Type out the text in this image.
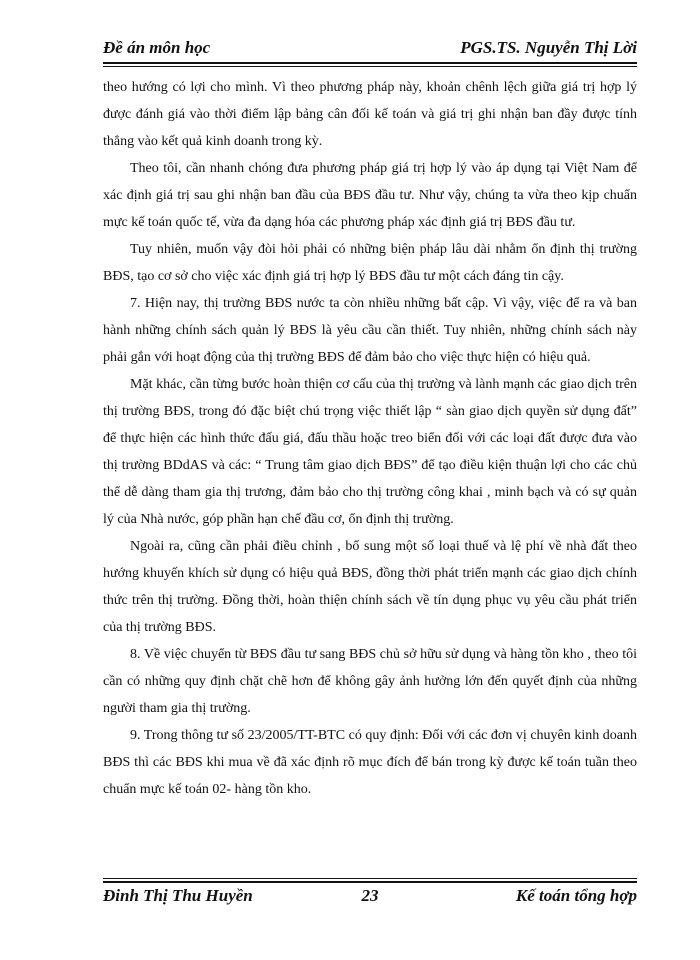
Đề án môn học	PGS.TS. Nguyễn Thị Lời

theo hướng có lợi cho mình. Vì theo phương pháp này, khoản chênh lệch giữa giá trị hợp lý được đánh giá vào thời điểm lập bảng cân đối kế toán và giá trị ghi nhận ban đầy được tính thẳng vào kết quả kinh doanh trong kỳ.

Theo tôi, cần nhanh chóng đưa phương pháp giá trị hợp lý vào áp dụng tại Việt Nam để xác định giá trị sau ghi nhận ban đầu của BĐS đầu tư. Như vậy, chúng ta vừa theo kịp chuẩn mực kế toán quốc tế, vừa đa dạng hóa các phương pháp xác định giá trị BĐS đầu tư.

Tuy nhiên, muốn vậy đòi hỏi phải có những biện pháp lâu dài nhằm ổn định thị trường BĐS, tạo cơ sở cho việc xác định giá trị hợp lý BĐS đầu tư một cách đáng tin cậy.

7. Hiện nay, thị trường BĐS nước ta còn nhiều những bất cập. Vì vậy, việc để ra và ban hành những chính sách quản lý BĐS là yêu cầu cần thiết. Tuy nhiên, những chính sách này phải gắn với hoạt động của thị trường BĐS để đảm bảo cho việc thực hiện có hiệu quả.

Mặt khác, cần từng bước hoàn thiện cơ cấu của thị trường và lành mạnh các giao dịch trên thị trường BĐS, trong đó đặc biệt chú trọng việc thiết lập “ sàn giao dịch quyền sử dụng đất” để thực hiện các hình thức đấu giá, đấu thầu hoặc treo biển đối với các loại đất được đưa vào thị trường BDdAS và các: “ Trung tâm giao dịch BĐS” để tạo điều kiện thuận lợi cho các chủ thể dễ dàng tham gia thị trương, đảm bảo cho thị trường công khai , minh bạch và có sự quản lý của Nhà nước, góp phần hạn chế đầu cơ, ổn định thị trường.

Ngoài ra, cũng cần phải điều chỉnh , bổ sung một số loại thuế và lệ phí về nhà đất theo hướng khuyến khích sử dụng có hiệu quả BĐS, đồng thời phát triển mạnh các giao dịch chính thức trên thị trường. Đồng thời, hoàn thiện chính sách về tín dụng phục vụ yêu cầu phát triển của thị trường BĐS.

8. Về việc chuyển từ BĐS đầu tư sang BĐS chủ sở hữu sử dụng và hàng tồn kho , theo tôi cần có những quy định chặt chẽ hơn để không gây ảnh hưởng lớn đến quyết định của những người tham gia thị trường.

9. Trong thông tư số 23/2005/TT-BTC có quy định: Đối với các đơn vị chuyên kinh doanh BĐS thì các BĐS khi mua về đã xác định rõ mục đích để bán trong kỳ được kế toán tuần theo chuẩn mực kế toán 02- hàng tồn kho.

Đinh Thị Thu Huyền	23	Kế toán tổng hợp
